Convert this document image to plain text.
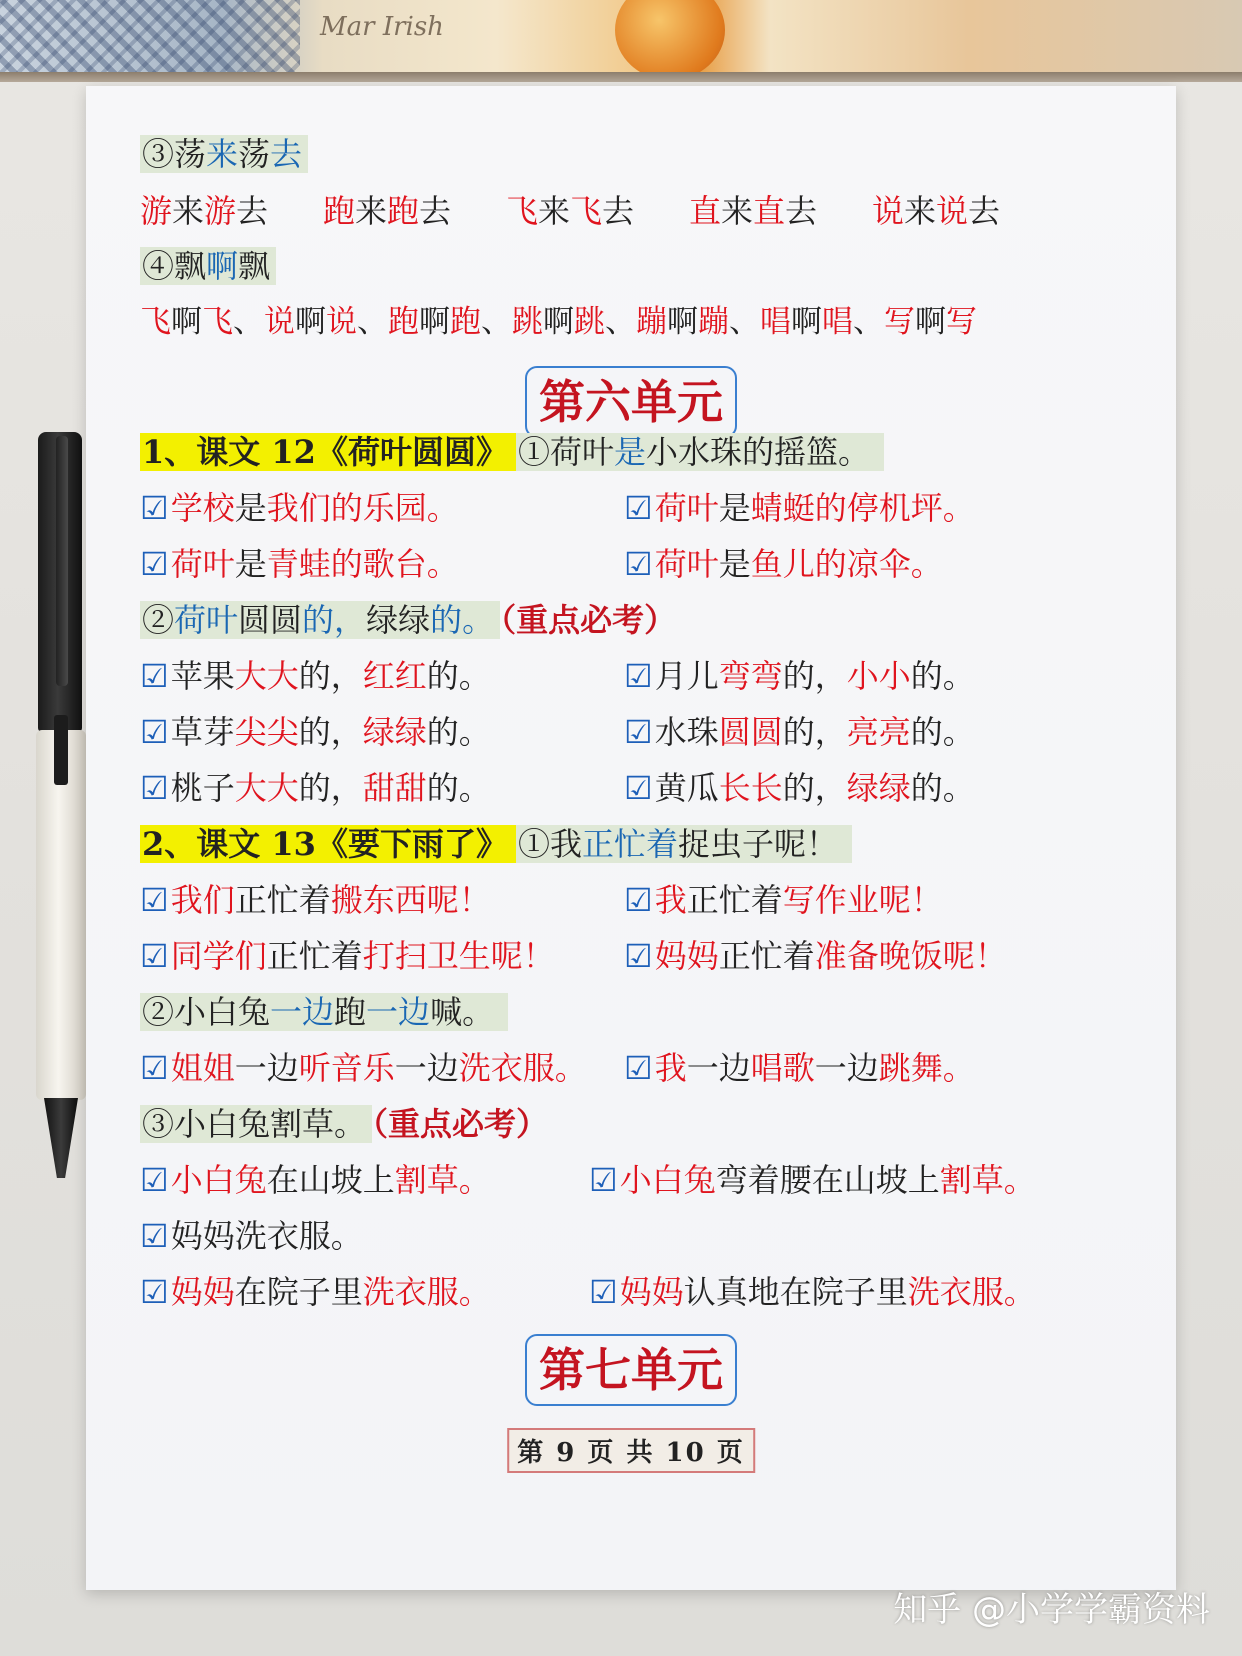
Mar Irish
③荡来荡去
游来游去 跑来跑去 飞来飞去 直来直去 说来说去
④飘啊飘
飞啊飞、说啊说、跑啊跑、跳啊跳、蹦啊蹦、唱啊唱、写啊写
第六单元
1、课文 12《荷叶圆圆》 ①荷叶是小水珠的摇篮。
☑学校是我们的乐园。	☑荷叶是蜻蜓的停机坪。
☑荷叶是青蛙的歌台。	☑荷叶是鱼儿的凉伞。
②荷叶圆圆的，绿绿的。 （重点必考）
☑苹果大大的，红红的。	☑月儿弯弯的，小小的。
☑草芽尖尖的，绿绿的。	☑水珠圆圆的，亮亮的。
☑桃子大大的，甜甜的。	☑黄瓜长长的，绿绿的。
2、课文 13《要下雨了》 ①我正忙着捉虫子呢！
☑我们正忙着搬东西呢！	☑我正忙着写作业呢！
☑同学们正忙着打扫卫生呢！ ☑妈妈正忙着准备晚饭呢！
②小白兔一边跑一边喊。
☑姐姐一边听音乐一边洗衣服。 ☑我一边唱歌一边跳舞。
③小白兔割草。 （重点必考）
☑小白兔在山坡上割草。	☑小白兔弯着腰在山坡上割草。
☑妈妈洗衣服。
☑妈妈在院子里洗衣服。	☑妈妈认真地在院子里洗衣服。
第七单元
第 9 页 共 10 页
知乎 @小学学霸资料
